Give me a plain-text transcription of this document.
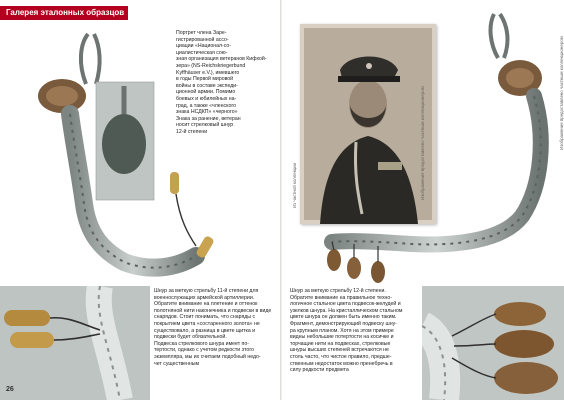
Галерея эталонных образцов

Портрет члена Заре-
гистрированной ассо-
циации «Национал-со-
циалистическая сою-
зная организация ветеранов Кифхой-
зера» (NS-Reichskriegerbund
Kyffhäuser e.V.), имевшего
в годы Первой мировой
войны в составе экспеди-
ционной армии. Помимо
боевых и юбилейных на-
град, а также «членского
знака НСДКП» «черного»
Знака за ранение, ветеран
носит стрелковый шнур
12-й степени

Шнур за меткую стрельбу 11-й степени для
военнослужащих армейской артиллерии.
Обратите внимание на плетение и оттенок
полотняной нити наконечника и подвески в виде
снарядов. Стоит понимать, что снаряды с
покрытием цвета «состаренного золота» не
существовало, а разница в цвете щитка и
подвески будет обязательной.
Подвеска стрелкового шнура имеет по-
тертости, однако с учетом редкости этого
экземпляра, мы их считаем подобный недо-
чет существенным

26
Из частной коллекции
Изображение предоставлено частным коллекционером

Шнур за меткую стрельбу 12-й степени.
Обратите внимание на правильное техно-
логичное стальное цвета подвесок-желудей и
узелков шнура. На кристаллическом стальном
цвете шнура он должен быть именно таким.
Фрагмент, демонстрирующий подвеску шну-
ра крупным планом. Хотя на этом примере
видны небольшие потертости на косичке и
торчащие нити на подвесках, стрелковые
шнуры высших степеней встречаются не
столь часто, что чистое правило, предше-
ственным недостаток можно пренебречь в
силу редкости предмета

Изображение предоставлено частным коллекционером
